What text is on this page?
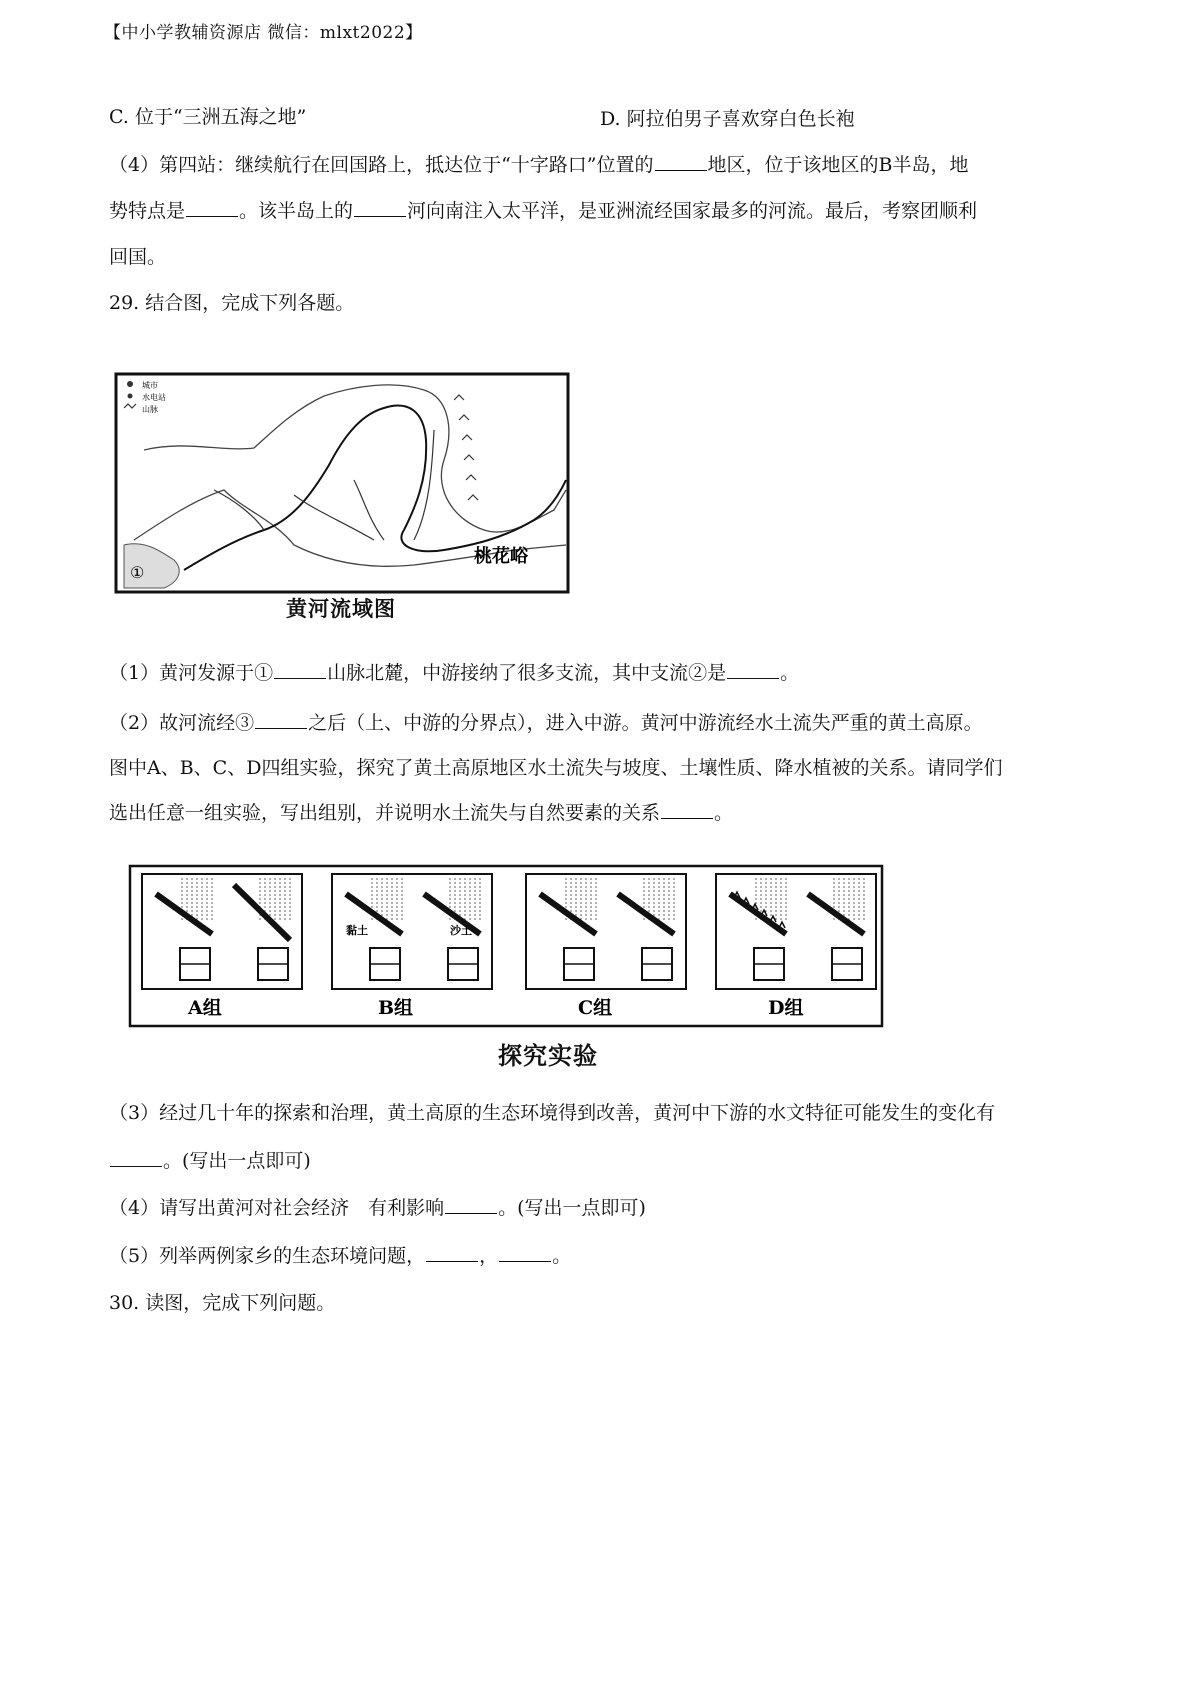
【中小学教辅资源店 微信：mlxt2022】
C. 位于“三洲五海之地”	D. 阿拉伯男子喜欢穿白色长袍
（4）第四站：继续航行在回国路上，抵达位于“十字路口”位置的	地区，位于该地区的B半岛，地
势特点是	。该半岛上的	河向南注入太平洋，是亚洲流经国家最多的河流。最后，考察团顺利
回国。
29. 结合图，完成下列各题。
城市
水电站
山脉
①
桃花峪
黄河流域图
（1）黄河发源于①	山脉北麓，中游接纳了很多支流，其中支流②是	。
（2）故河流经③	之后（上、中游的分界点），进入中游。黄河中游流经水土流失严重的黄土高原。
图中A、B、C、D四组实验，探究了黄土高原地区水土流失与坡度、土壤性质、降水植被的关系。请同学们
选出任意一组实验，写出组别，并说明水土流失与自然要素的关系	。
A组	B组	C组	D组
黏土	沙土
探究实验
（3）经过几十年的探索和治理，黄土高原的生态环境得到改善，黄河中下游的水文特征可能发生的变化有
。(写出一点即可)
（4）请写出黄河对社会经济　有利影响	。(写出一点即可)
（5）列举两例家乡的生态环境问题，	，	。
30. 读图，完成下列问题。
